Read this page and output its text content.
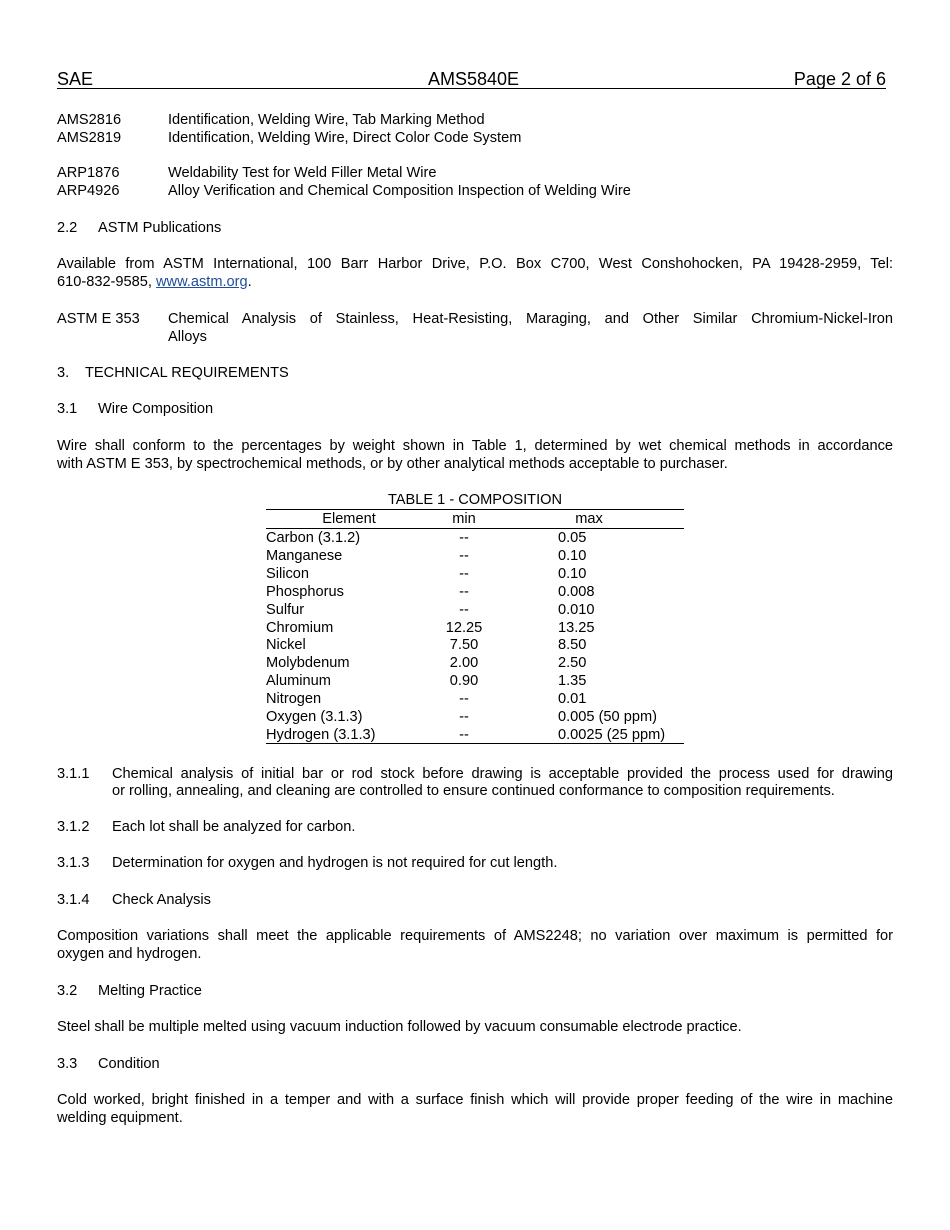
SAE	AMS5840E	Page 2 of 6
AMS2816	Identification, Welding Wire, Tab Marking Method
AMS2819	Identification, Welding Wire, Direct Color Code System
ARP1876	Weldability Test for Weld Filler Metal Wire
ARP4926	Alloy Verification and Chemical Composition Inspection of Welding Wire
2.2 ASTM Publications
Available from ASTM International, 100 Barr Harbor Drive, P.O. Box C700, West Conshohocken, PA 19428-2959, Tel:
610-832-9585, www.astm.org.
ASTM E 353 Chemical Analysis of Stainless, Heat-Resisting, Maraging, and Other Similar Chromium-Nickel-Iron
Alloys
3. TECHNICAL REQUIREMENTS
3.1 Wire Composition
Wire shall conform to the percentages by weight shown in Table 1, determined by wet chemical methods in accordance
with ASTM E 353, by spectrochemical methods, or by other analytical methods acceptable to purchaser.
TABLE 1 - COMPOSITION
Element	min	max
Carbon (3.1.2)	--	0.05
Manganese	--	0.10
Silicon	--	0.10
Phosphorus	--	0.008
Sulfur	--	0.010
Chromium	12.25	13.25
Nickel	7.50	8.50
Molybdenum	2.00	2.50
Aluminum	0.90	1.35
Nitrogen	--	0.01
Oxygen (3.1.3)	--	0.005 (50 ppm)
Hydrogen (3.1.3)	--	0.0025 (25 ppm)
3.1.1 Chemical analysis of initial bar or rod stock before drawing is acceptable provided the process used for drawing
or rolling, annealing, and cleaning are controlled to ensure continued conformance to composition requirements.
3.1.2 Each lot shall be analyzed for carbon.
3.1.3 Determination for oxygen and hydrogen is not required for cut length.
3.1.4 Check Analysis
Composition variations shall meet the applicable requirements of AMS2248; no variation over maximum is permitted for
oxygen and hydrogen.
3.2 Melting Practice
Steel shall be multiple melted using vacuum induction followed by vacuum consumable electrode practice.
3.3 Condition
Cold worked, bright finished in a temper and with a surface finish which will provide proper feeding of the wire in machine
welding equipment.
